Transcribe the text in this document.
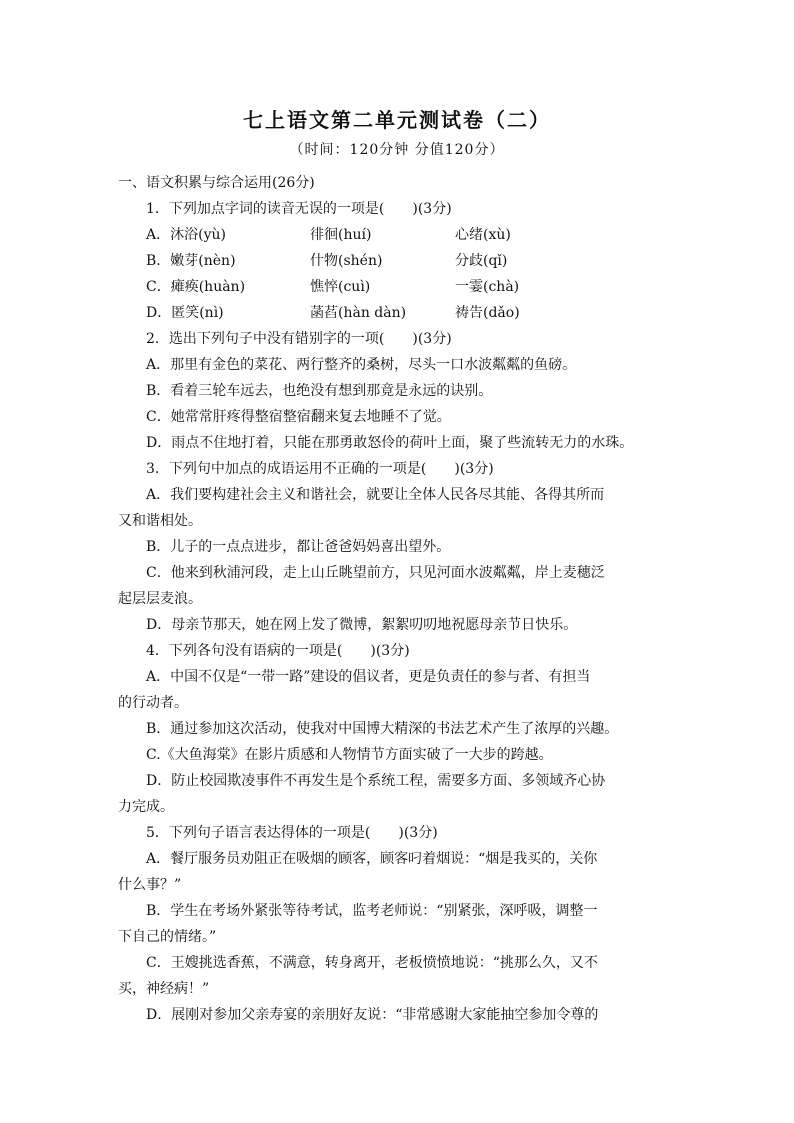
七上语文第二单元测试卷（二）
（时间：120分钟 分值120分）
一、语文积累与综合运用(26分)
1．下列加点字词的读音无误的一项是(　　)(3分)
A．沐浴(yù)	徘徊(huí)	心绪(xù)
B．嫩芽(nèn)	什物(shén)	分歧(qǐ)
C．瘫痪(huàn)	憔悴(cuì)	一霎(chà)
D．匿笑(nì)	菡萏(hàn dàn)	祷告(dǎo)
2．选出下列句子中没有错别字的一项(　　)(3分)
A．那里有金色的菜花、两行整齐的桑树，尽头一口水波粼粼的鱼磅。
B．看着三轮车远去，也绝没有想到那竟是永远的诀别。
C．她常常肝疼得整宿整宿翻来复去地睡不了觉。
D．雨点不住地打着，只能在那勇敢怒伶的荷叶上面，聚了些流转无力的水珠。
3．下列句中加点的成语运用不正确的一项是(　　)(3分)
A．我们要构建社会主义和谐社会，就要让全体人民各尽其能、各得其所而
又和谐相处。
B．儿子的一点点进步，都让爸爸妈妈喜出望外。
C．他来到秋浦河段，走上山丘眺望前方，只见河面水波粼粼，岸上麦穗泛
起层层麦浪。
D．母亲节那天，她在网上发了微博，絮絮叨叨地祝愿母亲节日快乐。
4．下列各句没有语病的一项是(　　)(3分)
A．中国不仅是“一带一路”建设的倡议者，更是负责任的参与者、有担当
的行动者。
B．通过参加这次活动，使我对中国博大精深的书法艺术产生了浓厚的兴趣。
C.《大鱼海棠》在影片质感和人物情节方面实破了一大步的跨越。
D．防止校园欺凌事件不再发生是个系统工程，需要多方面、多领域齐心协
力完成。
5．下列句子语言表达得体的一项是(　　)(3分)
A．餐厅服务员劝阻正在吸烟的顾客，顾客叼着烟说：“烟是我买的，关你
什么事？”
B．学生在考场外紧张等待考试，监考老师说：“别紧张，深呼吸，调整一
下自己的情绪。”
C．王嫂挑选香蕉，不满意，转身离开，老板愤愤地说：“挑那么久，又不
买，神经病！”
D．展刚对参加父亲寿宴的亲朋好友说：“非常感谢大家能抽空参加令尊的
